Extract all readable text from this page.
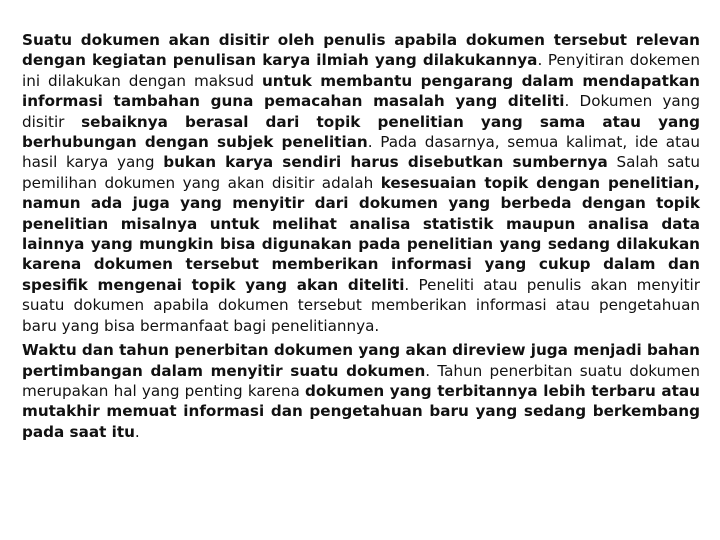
Suatu dokumen akan disitir oleh penulis apabila dokumen tersebut relevan dengan kegiatan penulisan karya ilmiah yang dilakukannya. Penyitiran dokemen ini dilakukan dengan maksud untuk membantu pengarang dalam mendapatkan informasi tambahan guna pemacahan masalah yang diteliti. Dokumen yang disitir sebaiknya berasal dari topik penelitian yang sama atau yang berhubungan dengan subjek penelitian. Pada dasarnya, semua kalimat, ide atau hasil karya yang bukan karya sendiri harus disebutkan sumbernya Salah satu pemilihan dokumen yang akan disitir adalah kesesuaian topik dengan penelitian, namun ada juga yang menyitir dari dokumen yang berbeda dengan topik penelitian misalnya untuk melihat analisa statistik maupun analisa data lainnya yang mungkin bisa digunakan pada penelitian yang sedang dilakukan karena dokumen tersebut memberikan informasi yang cukup dalam dan spesifik mengenai topik yang akan diteliti. Peneliti atau penulis akan menyitir suatu dokumen apabila dokumen tersebut memberikan informasi atau pengetahuan baru yang bisa bermanfaat bagi penelitiannya.

Waktu dan tahun penerbitan dokumen yang akan direview juga menjadi bahan pertimbangan dalam menyitir suatu dokumen. Tahun penerbitan suatu dokumen merupakan hal yang penting karena dokumen yang terbitannya lebih terbaru atau mutakhir memuat informasi dan pengetahuan baru yang sedang berkembang pada saat itu.
